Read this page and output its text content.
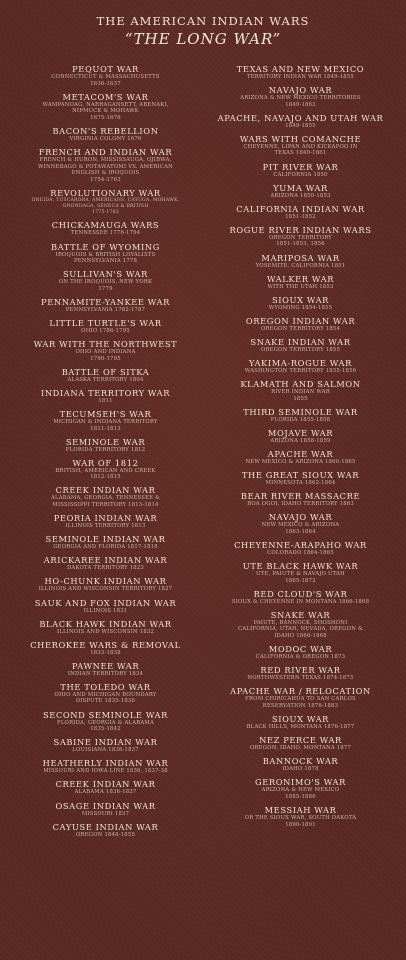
THE AMERICAN INDIAN WARS

“THE LONG WAR”

PEQUOT WAR
CONNECTICUT & MASSACHUSETTS
1636-1637
METACOM'S WAR
WAMPANOAG, NARRAGANSETT, ABENAKI,
NIPMUCK & MOHAWK
1675-1676
BACON'S REBELLION
VIRGINIA COLONY 1676
FRENCH AND INDIAN WAR
FRENCH & HURON, MISSISSAUGA, OJIBWA,
WINNEBAGO & POTAWATOMI VS. AMERICAN
ENGLISH & IROQUOIS
1754-1763
REVOLUTIONARY WAR
ONEIDA, TUSCARORA, AMERICANS, CAYUGA, MOHAWK,
ONONDAGA, SENECA & BRITISH
1775-1783
CHICKAMAUGA WARS
TENNESSEE 1776-1794
BATTLE OF WYOMING
IROQUOIS & BRITISH LOYALISTS
PENNSYLVANIA 1778
SULLIVAN'S WAR
ON THE IROQUOIS, NEW YORK
1779
PENNAMITE-YANKEE WAR
PENNSYLVANIA 1782-1787
LITTLE TURTLE'S WAR
OHIO 1786-1795
WAR WITH THE NORTHWEST
OHIO AND INDIANA
1790-1795
BATTLE OF SITKA
ALASKA TERRITORY 1804
INDIANA TERRITORY WAR
1811
TECUMSEH'S WAR
MICHIGAN & INDIANA TERRITORY
1811-1813
SEMINOLE WAR
FLORIDA TERRITORY 1812
WAR OF 1812
BRITISH, AMERICAN AND CREEK
1812-1815
CREEK INDIAN WAR
ALABAMA, GEORGIA, TENNESSEE &
MISSISSIPPI TERRITORY 1813-1814
PEORIA INDIAN WAR
ILLINOIS TERRITORY 1813
SEMINOLE INDIAN WAR
GEORGIA AND FLORIDA 1817-1818
ARICKAREE INDIAN WAR
DAKOTA TERRITORY 1823
HO-CHUNK INDIAN WAR
ILLINOIS AND WISCONSIN TERRITORY 1827
SAUK AND FOX INDIAN WAR
ILLINOIS 1831
BLACK HAWK INDIAN WAR
ILLINOIS AND WISCONSIN 1832
CHEROKEE WARS & REMOVAL
1833-1838
PAWNEE WAR
INDIAN TERRITORY 1834
THE TOLEDO WAR
OHIO AND MICHIGAN BOUNDARY
DISPUTE 1835-1836
SECOND SEMINOLE WAR
FLORIDA, GEORGIA & ALABAMA
1835-1842
SABINE INDIAN WAR
LOUISIANA 1836-1837
HEATHERLY INDIAN WAR
MISSOURI AND IOWA LINE 1836, 1837-38
CREEK INDIAN WAR
ALABAMA 1836-1837
OSAGE INDIAN WAR
MISSOURI 1837
CAYUSE INDIAN WAR
OREGON 1848-1855
TEXAS AND NEW MEXICO
TERRITORY INDIAN WAR 1849-1855
NAVAJO WAR
ARIZONA & NEW MEXICO TERRITORIES
1849-1863
APACHE, NAVAJO AND UTAH WAR
1849-1855
WARS WITH COMANCHE
CHEYENNE, LIPAN AND KICKAPOO IN
TEXAS 1849-1861
PIT RIVER WAR
CALIFORNIA 1850
YUMA WAR
ARIZONA 1850-1853
CALIFORNIA INDIAN WAR
1851-1852
ROGUE RIVER INDIAN WARS
OREGON TERRITORY
1851-1853, 1856
MARIPOSA WAR
YOSEMITE, CALIFORNIA 1851
WALKER WAR
WITH THE UTAH 1853
SIOUX WAR
WYOMING 1854-1855
OREGON INDIAN WAR
OREGON TERRITORY 1854
SNAKE INDIAN WAR
OREGON TERRITORY 1855
YAKIMA-ROGUE WAR
WASHINGTON TERRITORY 1855-1856
KLAMATH AND SALMON
RIVER INDIAN WAR
1855
THIRD SEMINOLE WAR
FLORIDA 1855-1858
MOJAVE WAR
ARIZONA 1858-1859
APACHE WAR
NEW MEXICO & ARIZONA 1860-1865
THE GREAT SIOUX WAR
MINNESOTA 1862-1864
BEAR RIVER MASSACRE
BOA OGOI, IDAHO TERRITORY 1863
NAVAJO WAR
NEW MEXICO & ARIZONA
1863-1864
CHEYENNE-ARAPAHO WAR
COLORADO 1864-1865
UTE BLACK HAWK WAR
UTE, PAIUTE & NAVAJO UTAH
1865-1872
RED CLOUD'S WAR
SIOUX & CHEYENNE IN MONTANA 1866-1868
SNAKE WAR
PAIUTE, BANNOCK, SHOSHONI
CALIFORNIA, UTAH, NEVADA, OREGON &
IDAHO 1866-1868
MODOC WAR
CALIFORNIA & OREGON 1873
RED RIVER WAR
NORTHWESTERN TEXAS 1874-1875
APACHE WAR / RELOCATION
FROM CHIRICAHUA TO SAN CARLOS
RESERVATION 1876-1883
SIOUX WAR
BLACK HILLS, MONTANA 1876-1877
NEZ PERCE WAR
OREGON, IDAHO, MONTANA 1877
BANNOCK WAR
IDAHO 1878
GERONIMO'S WAR
ARIZONA & NEW MEXICO
1885-1886
MESSIAH WAR
OR THE SIOUX WAR, SOUTH DAKOTA
1890-1891
